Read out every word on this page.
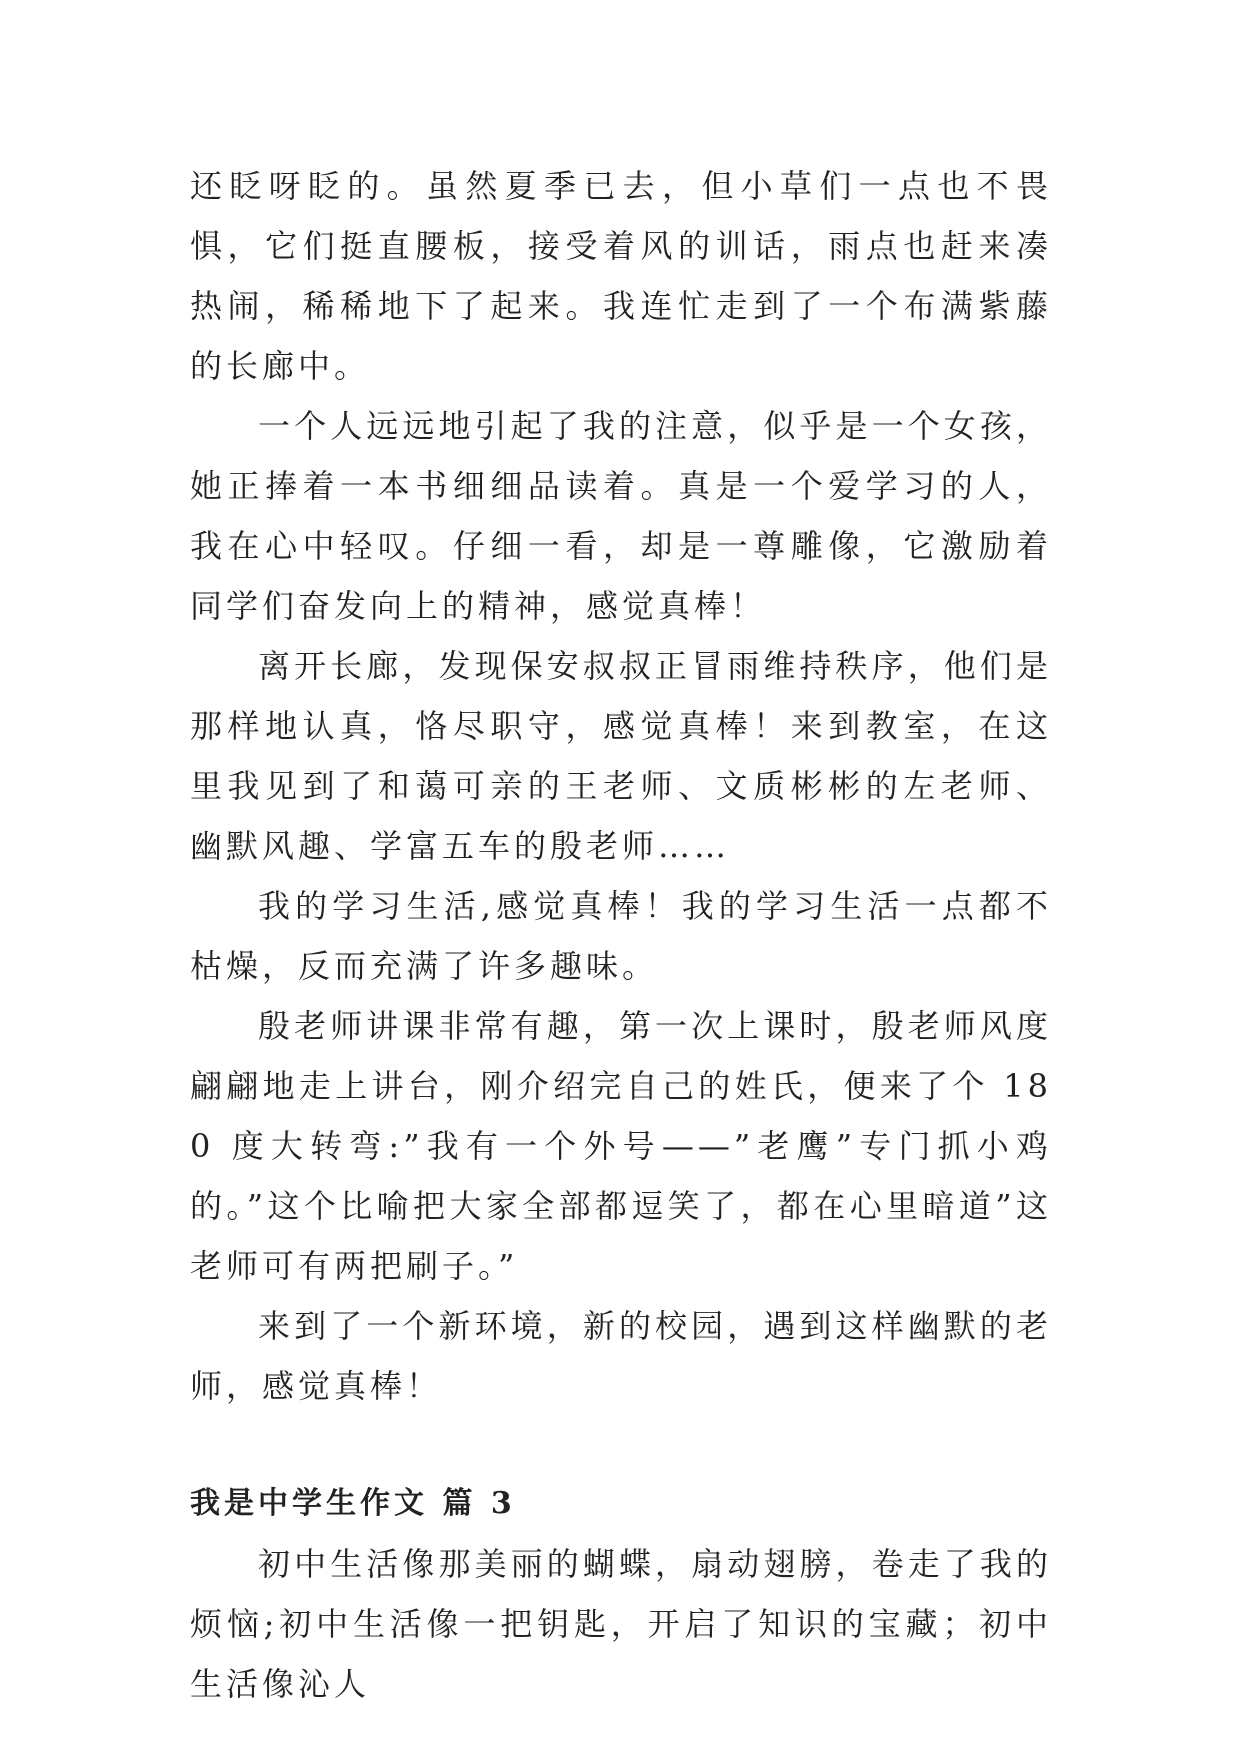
还眨呀眨的。虽然夏季已去，但小草们一点也不畏惧，它们挺直腰板，接受着风的训话，雨点也赶来凑热闹，稀稀地下了起来。我连忙走到了一个布满紫藤的长廊中。

一个人远远地引起了我的注意，似乎是一个女孩，她正捧着一本书细细品读着。真是一个爱学习的人，我在心中轻叹。仔细一看，却是一尊雕像，它激励着同学们奋发向上的精神，感觉真棒！

离开长廊，发现保安叔叔正冒雨维持秩序，他们是那样地认真，恪尽职守，感觉真棒！来到教室，在这里我见到了和蔼可亲的王老师、文质彬彬的左老师、幽默风趣、学富五车的殷老师……

我的学习生活,感觉真棒！我的学习生活一点都不枯燥，反而充满了许多趣味。

殷老师讲课非常有趣，第一次上课时，殷老师风度翩翩地走上讲台，刚介绍完自己的姓氏，便来了个 180 度大转弯:”我有一个外号——”老鹰”专门抓小鸡的。”这个比喻把大家全部都逗笑了，都在心里暗道”这老师可有两把刷子。”

来到了一个新环境，新的校园，遇到这样幽默的老师，感觉真棒！

我是中学生作文 篇 3

初中生活像那美丽的蝴蝶，扇动翅膀，卷走了我的烦恼;初中生活像一把钥匙，开启了知识的宝藏；初中生活像沁人
